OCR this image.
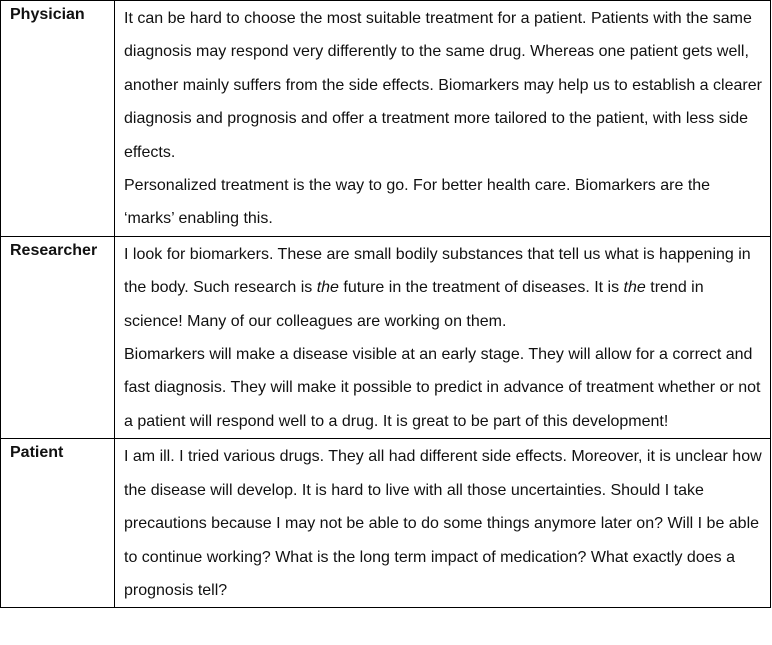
Physician	It can be hard to choose the most suitable treatment for a patient. Patients with the same diagnosis may respond very differently to the same drug. Whereas one patient gets well, another mainly suffers from the side effects. Biomarkers may help us to establish a clearer diagnosis and prognosis and offer a treatment more tailored to the patient, with less side effects.
Personalized treatment is the way to go. For better health care. Biomarkers are the ‘marks’ enabling this.

Researcher	I look for biomarkers. These are small bodily substances that tell us what is happening in the body. Such research is the future in the treatment of diseases. It is the trend in science! Many of our colleagues are working on them.
Biomarkers will make a disease visible at an early stage. They will allow for a correct and fast diagnosis. They will make it possible to predict in advance of treatment whether or not a patient will respond well to a drug. It is great to be part of this development!

Patient	I am ill. I tried various drugs. They all had different side effects. Moreover, it is unclear how the disease will develop. It is hard to live with all those uncertainties. Should I take precautions because I may not be able to do some things anymore later on? Will I be able to continue working? What is the long term impact of medication? What exactly does a prognosis tell?
